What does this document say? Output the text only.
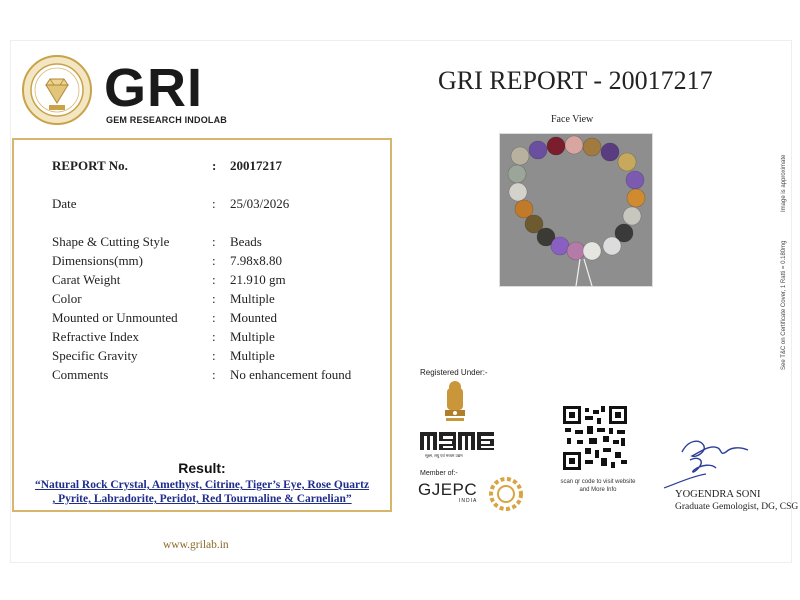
GRI
GEM RESEARCH INDOLAB
GRI REPORT - 20017217
REPORT No.	: 20017217
Date	: 25/03/2026
Shape & Cutting Style	: Beads
Dimensions(mm)	: 7.98x8.80
Carat Weight	: 21.910 gm
Color	: Multiple
Mounted or Unmounted	: Mounted
Refractive Index	: Multiple
Specific Gravity	: Multiple
Comments	: No enhancement found
Result:
“Natural Rock Crystal, Amethyst, Citrine, Tiger’s Eye, Rose Quartz
, Pyrite, Labradorite, Peridot, Red Tourmaline & Carnelian”
www.grilab.in
Face View
See T&C on Certificate Cover, 1 Ratti = 0.180mg
Image is approximate
Registered Under:-
सूक्ष्म, लघु एवं मध्यम उद्यम
Member of:-
GJEPC
INDIA
scan qr code to visit website
and More Info	YOGENDRA SONI
Graduate Gemologist, DG, CSG
